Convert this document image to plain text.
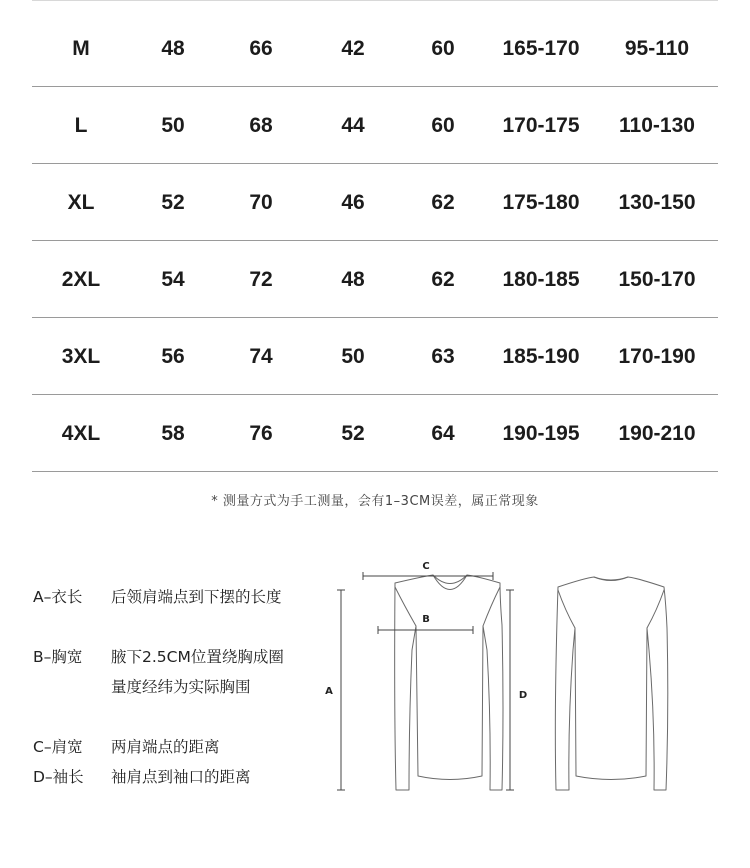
M	48	66	42	60 165-170 95-110
L	50	68	44	60 170-175 110-130
XL	52	70	46	62 175-180 130-150
2XL	54	72	48	62 180-185 150-170
3XL	56	74	50	63 185-190 170-190
4XL	58	76	52	64 190-195 190-210
* 测量方式为手工测量，会有1–3CM误差，属正常现象
A–衣长 后领肩端点到下摆的长度
B–胸宽 腋下2.5CM位置绕胸成圈量度经纬为实际胸围
C–肩宽 两肩端点的距离
D–袖长 袖肩点到袖口的距离
C
B
A	D
